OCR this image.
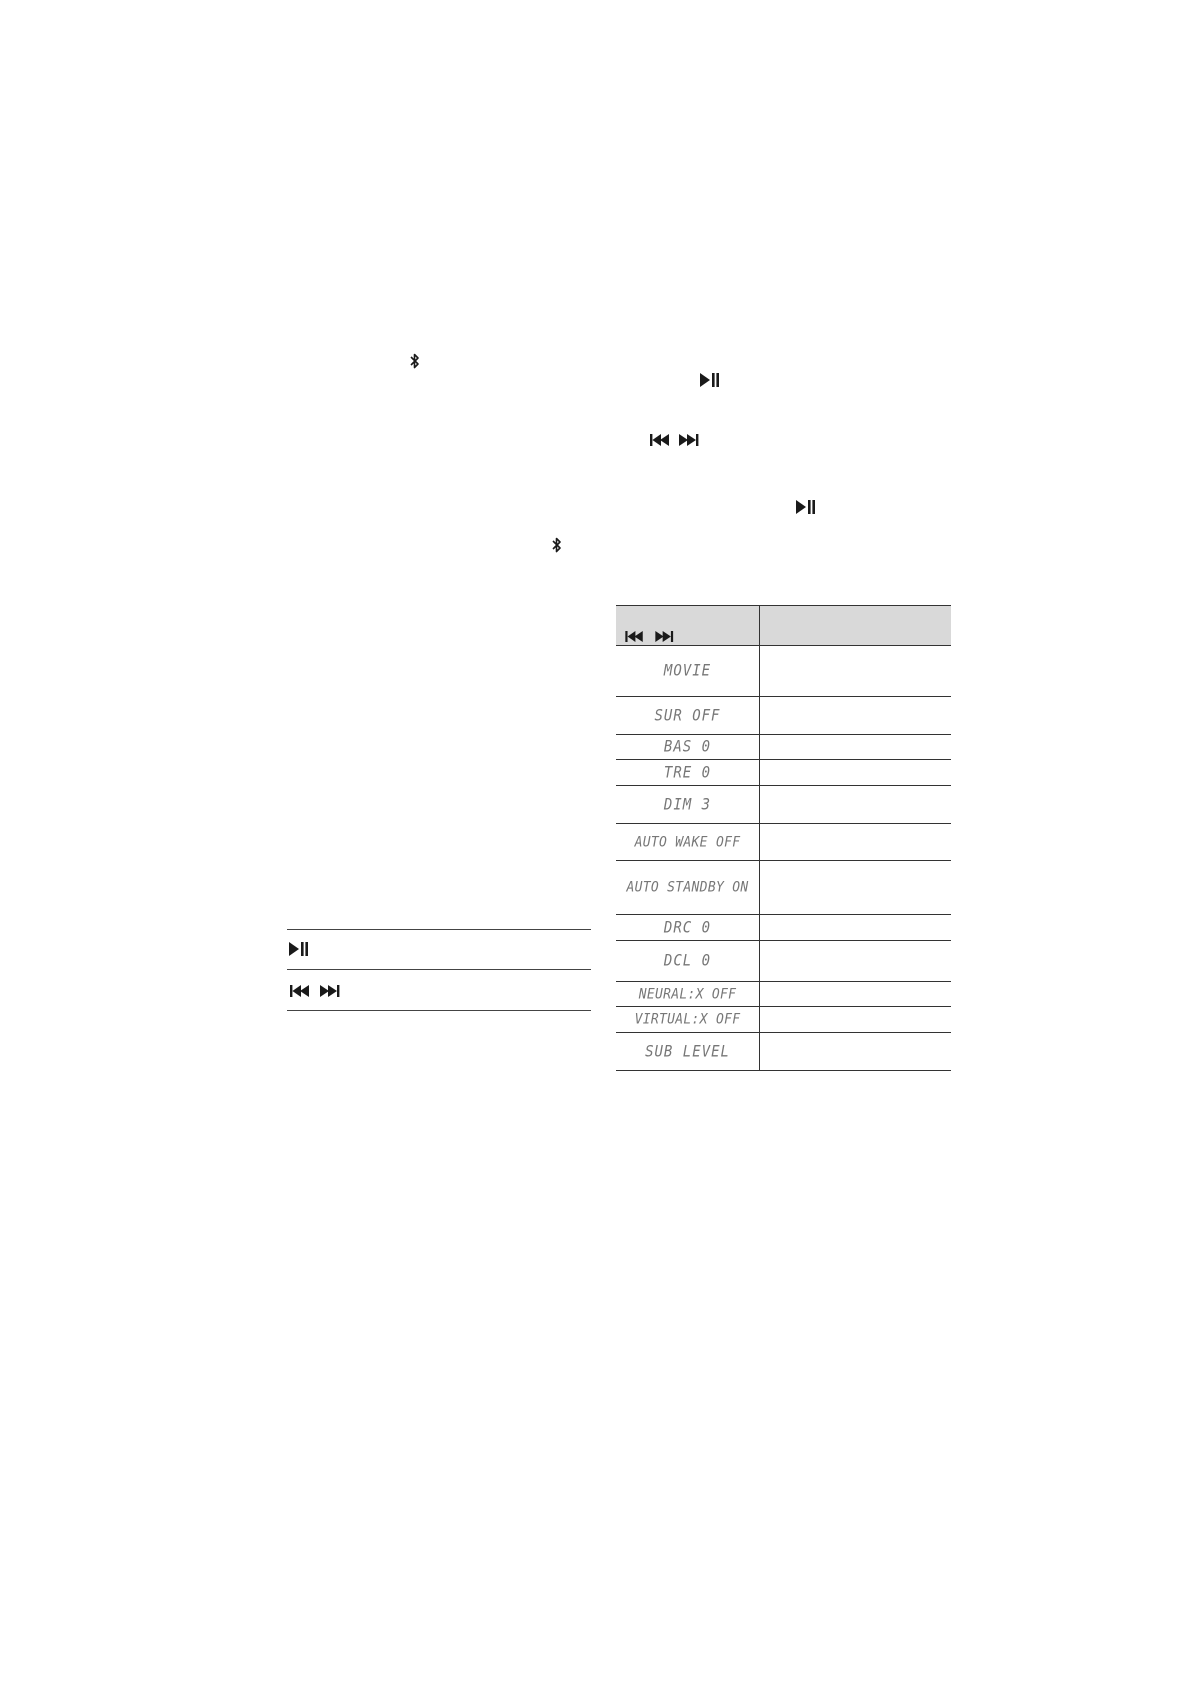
MOVIE
SUR OFF
BAS 0
TRE 0
DIM 3
AUTO WAKE OFF
AUTO STANDBY ON
DRC 0
DCL 0
NEURAL:X OFF
VIRTUAL:X OFF
SUB LEVEL
